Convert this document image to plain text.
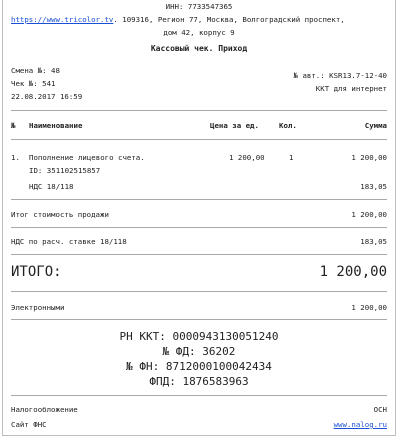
ИНН: 7733547365
https://www.tricolor.tv. 109316, Регион 77, Москва, Волгоградский проспект,
дом 42, корпус 9
Кассовый чек. Приход
Смена №: 48
Чек №: 541
22.08.2017 16:59
№ авт.: KSR13.7-12-40
ККТ для интернет
№ Наименование	Цена за ед.	Кол.	Сумма
1. Пополнение лицевого счета.	1 200,00	1	1 200,00
ID: 351102515857
НДС 18/118	183,05
Итог стоимость продажи	1 200,00
НДС по расч. ставке 18/118	183,05
ИТОГО:	1 200,00
Электронными	1 200,00
РН ККТ: 0000943130051240
№ ФД: 36202
№ ФН: 8712000100042434
ФПД: 1876583963
Налогообложение	ОСН
Сайт ФНС	www.nalog.ru
